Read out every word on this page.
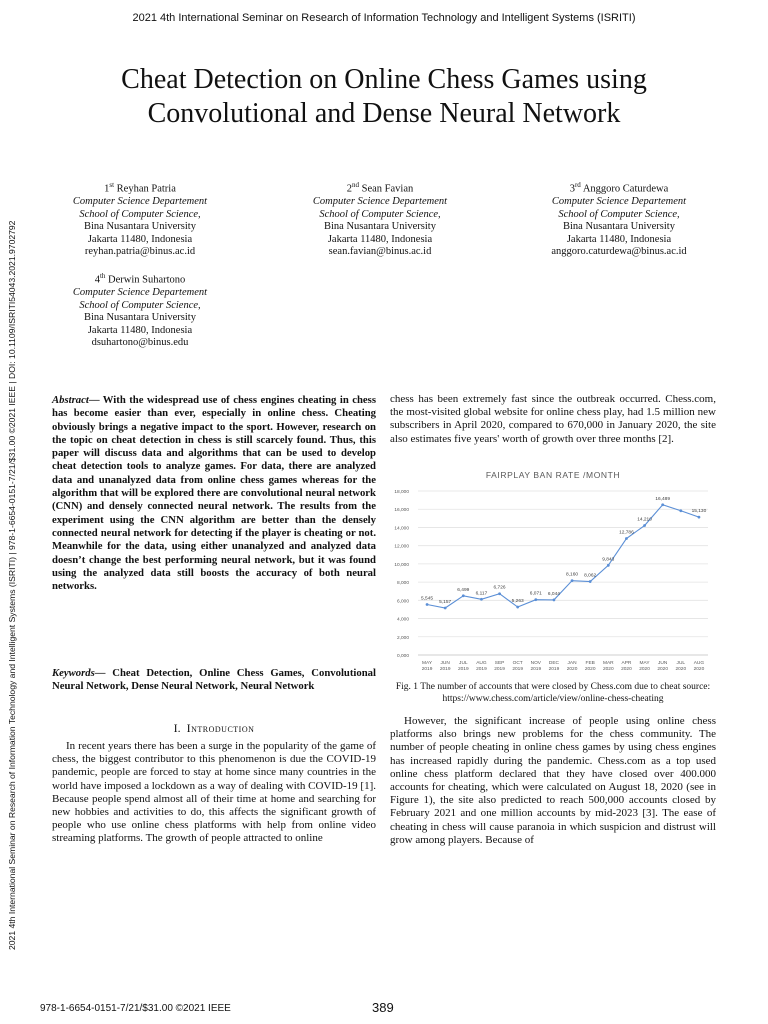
2021 4th International Seminar on Research of Information Technology and Intelligent Systems (ISRITI)
Cheat Detection on Online Chess Games using
Convolutional and Dense Neural Network
1st Reyhan Patria
Computer Science Departement
School of Computer Science,
Bina Nusantara University
Jakarta 11480, Indonesia
reyhan.patria@binus.ac.id
2nd Sean Favian
Computer Science Departement
School of Computer Science,
Bina Nusantara University
Jakarta 11480, Indonesia
sean.favian@binus.ac.id
3rd Anggoro Caturdewa
Computer Science Departement
School of Computer Science,
Bina Nusantara University
Jakarta 11480, Indonesia
anggoro.caturdewa@binus.ac.id
4th Derwin Suhartono
Computer Science Departement
School of Computer Science,
Bina Nusantara University
Jakarta 11480, Indonesia
dsuhartono@binus.edu
2021 4th International Seminar on Research of Information Technology and Intelligent Systems (ISRITI) | 978-1-6654-0151-7/21/$31.00 ©2021 IEEE | DOI: 10.1109/ISRITI54043.2021.9702792	Abstract— With the widespread use of chess engines cheating in chess has become easier than ever, especially in online chess. Cheating obviously brings a negative impact to the sport. However, research on the topic on cheat detection in chess is still scarcely found. Thus, this paper will discuss data and algorithms that can be used to develop cheat detection tools to analyze games. For data, there are analyzed data and unanalyzed data from online chess games whereas for the algorithm that will be explored there are convolutional neural network (CNN) and densely connected neural network. The results from the experiment using the CNN algorithm are better than the densely connected neural network for detecting if the player is cheating or not. Meanwhile for the data, using either unanalyzed and analyzed data doesn’t change the best performing neural network, but it was found using the analyzed data still boosts the accuracy of both neural networks.

Keywords— Cheat Detection, Online Chess Games, Convolutional Neural Network, Dense Neural Network, Neural Network

I. Introduction

In recent years there has been a surge in the popularity of the game of chess, the biggest contributor to this phenomenon is due the COVID-19 pandemic, people are forced to stay at home since many countries in the world have imposed a lockdown as a way of dealing with COVID-19 [1]. Because people spend almost all of their time at home and searching for new hobbies and activities to do, this affects the significant growth of people who use online chess platforms with help from online video streaming platforms. The growth of people attracted to online

chess has been extremely fast since the outbreak occurred. Chess.com, the most-visited global website for online chess play, had 1.5 million new subscribers in April 2020, compared to 670,000 in January 2020, the site also estimates five years' worth of growth over three months [2].

FAIRPLAY BAN RATE /MONTH
0,000
2,000
4,000
6,000
8,000
10,000
12,000
14,000
16,000
18,000
MAY
2019
JUN
2019
JUL
2019
AUG
2019
SEP
2019
OCT
2019
NOV
2019
DEC
2019
JAN
2020
FEB
2020
MAR
2020
APR
2020
MAY
2020
JUN
2020
JUL
2020
AUG
2020
5,545
5,157
6,499
6,117
6,726
5,263
6,071 6,044
8,160 8,062
9,843
12,786
14,210
16,489
15,130
Fig. 1 The number of accounts that were closed by Chess.com due to cheat source: https://www.chess.com/article/view/online-chess-cheating

However, the significant increase of people using online chess platforms also brings new problems for the chess community. The number of people cheating in online chess games by using chess engines has increased rapidly during the pandemic. Chess.com as a top used online chess platform declared that they have closed over 400.000 accounts for cheating, which were calculated on August 18, 2020 (see in Figure 1), the site also predicted to reach 500,000 accounts closed by February 2021 and one million accounts by mid-2023 [3]. The ease of cheating in chess will cause paranoia in which suspicion and distrust will grow among players. Because of

978-1-6654-0151-7/21/$31.00 ©2021 IEEE	389
